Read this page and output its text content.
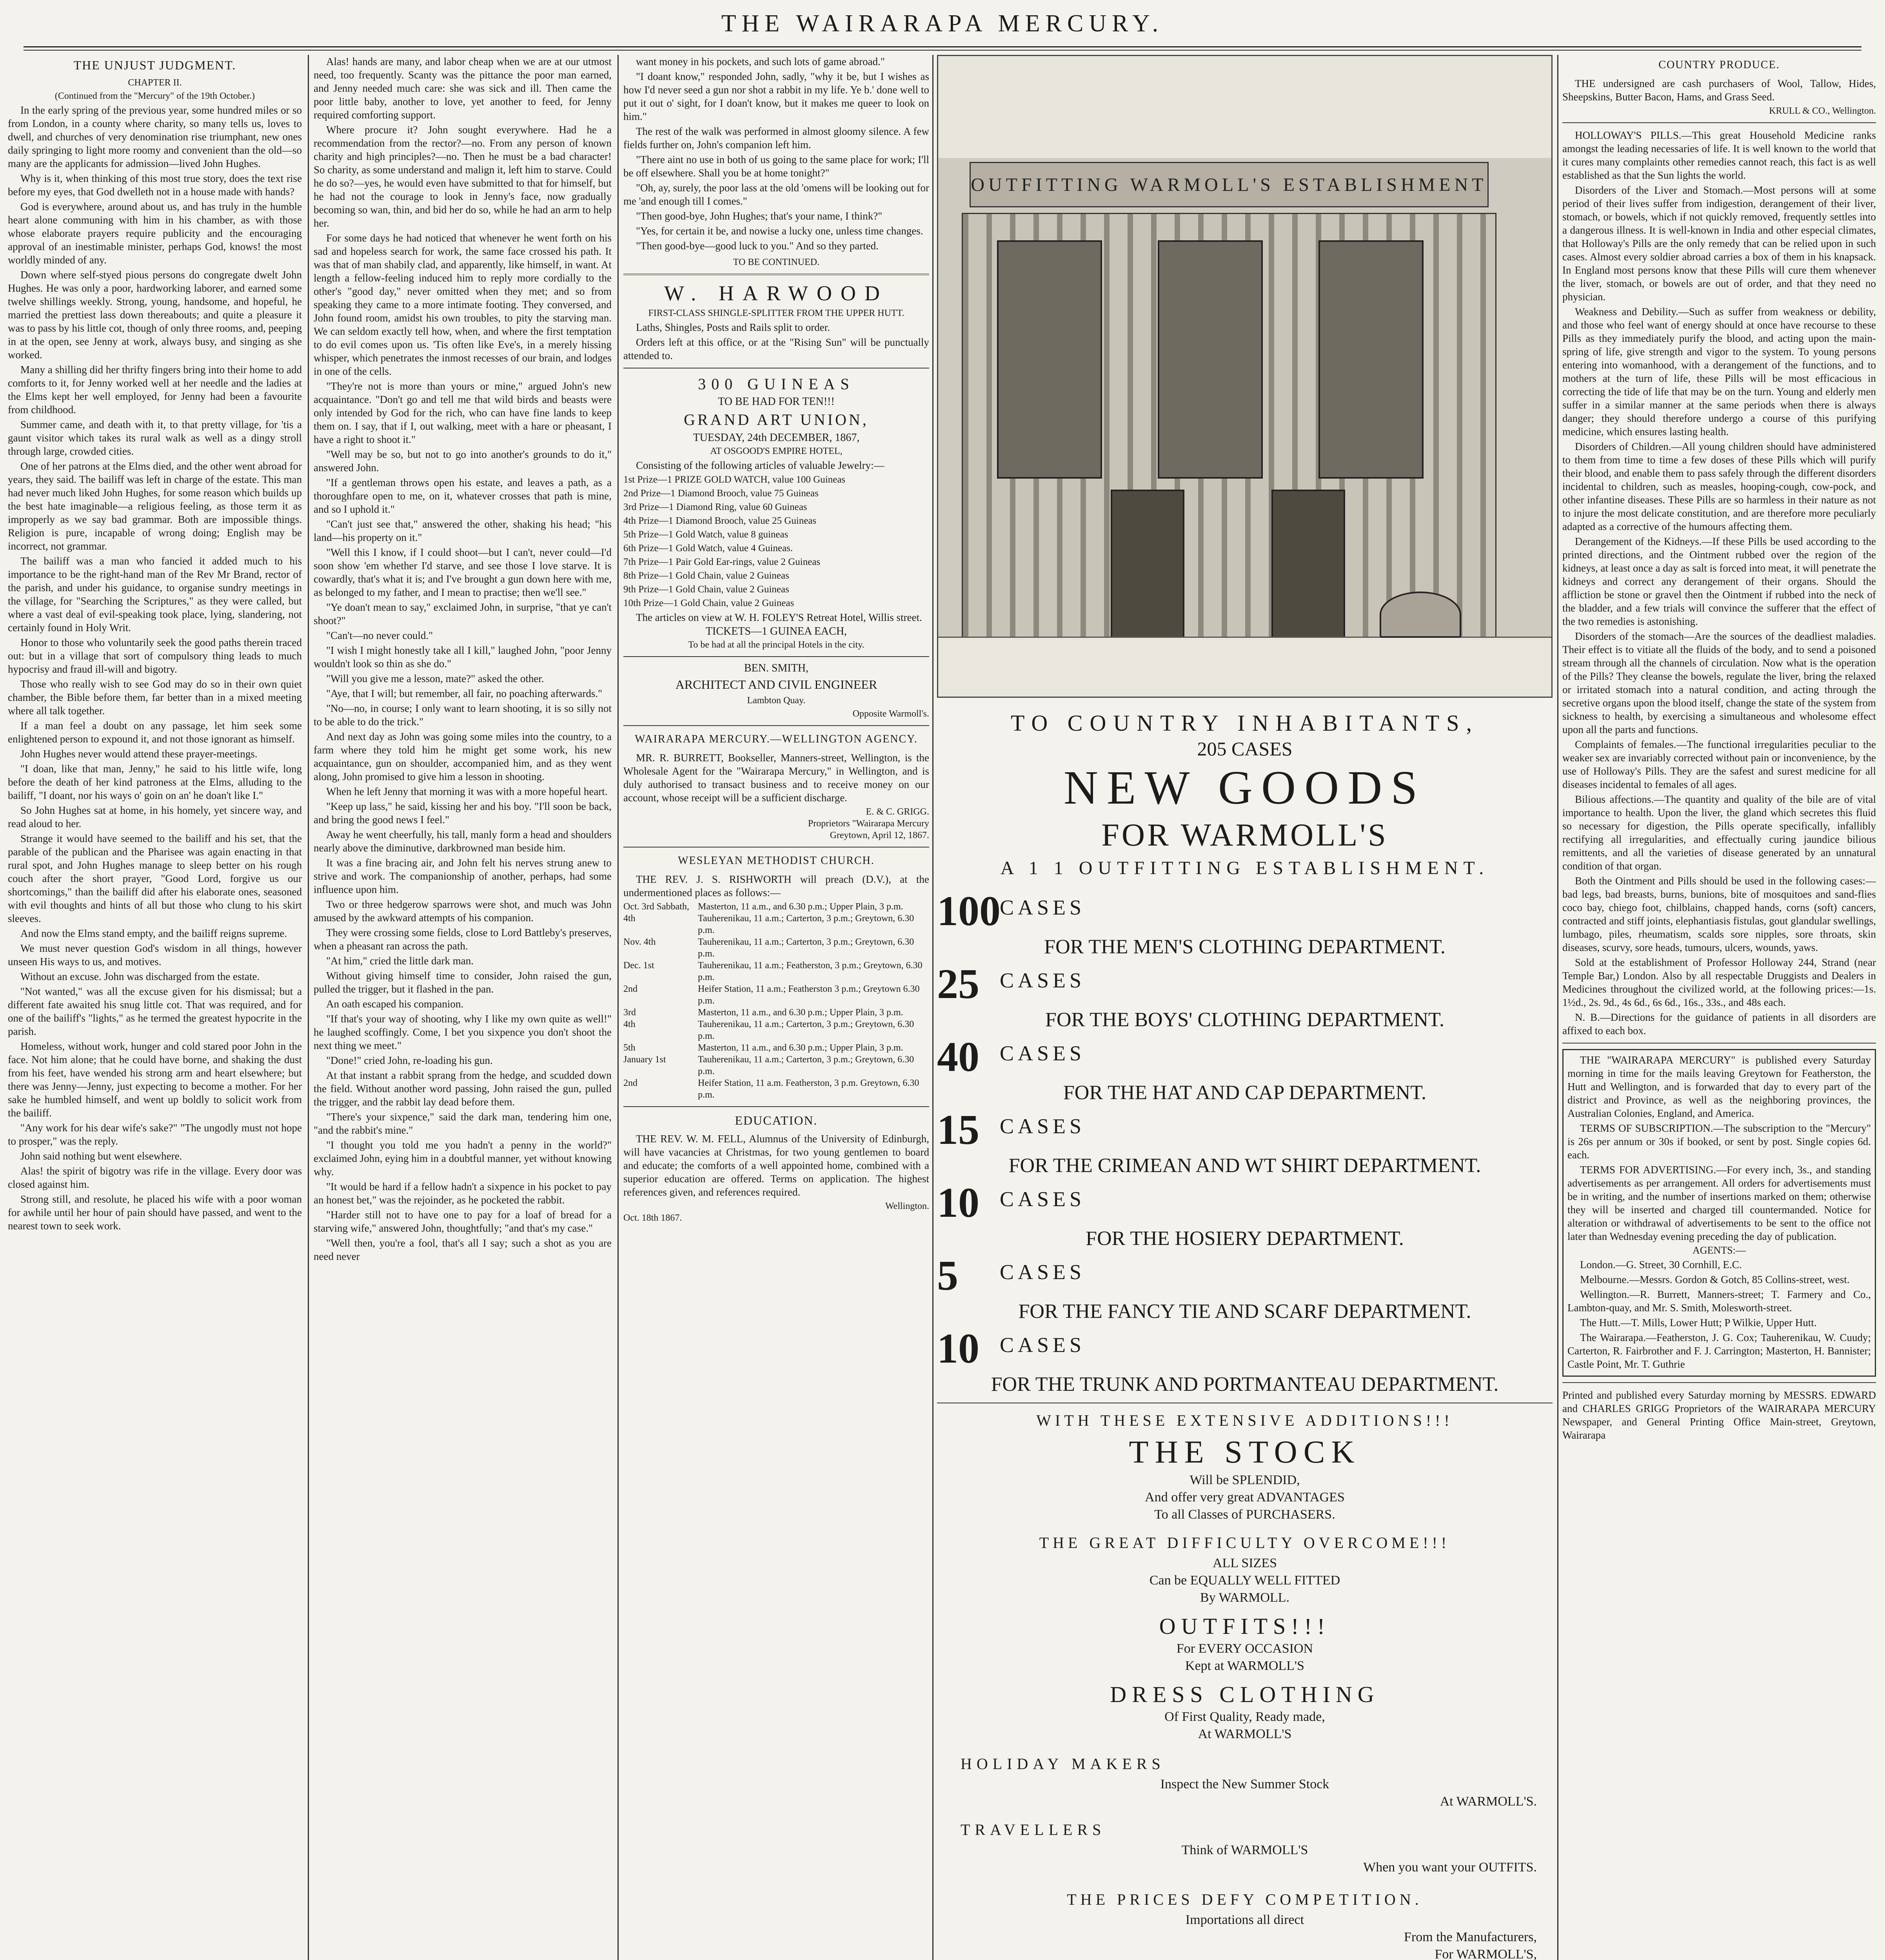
THE WAIRARAPA MERCURY.
THE UNJUST JUDGMENT.
CHAPTER II.
(Continued from the "Mercury" of the 19th October.)
In the early spring of the previous year, some hundred miles or so from London, in a county where charity, so many tells us, loves to dwell, and churches of very denomination rise triumphant, new ones daily springing to light more roomy and convenient than the old—so many are the applicants for admission—lived John Hughes.
Why is it, when thinking of this most true story, does the text rise before my eyes, that God dwelleth not in a house made with hands?
God is everywhere, around about us, and has truly in the humble heart alone communing with him in his chamber, as with those whose elaborate prayers require publicity and the encouraging approval of an inestimable minister, perhaps God, knows! the most worldly minded of any.
Down where self-styed pious persons do congregate dwelt John Hughes. He was only a poor, hardworking laborer, and earned some twelve shillings weekly. Strong, young, handsome, and hopeful, he married the prettiest lass down thereabouts; and quite a pleasure it was to pass by his little cot, though of only three rooms, and, peeping in at the open, see Jenny at work, always busy, and singing as she worked.
Many a shilling did her thrifty fingers bring into their home to add comforts to it, for Jenny worked well at her needle and the ladies at the Elms kept her well employed, for Jenny had been a favourite from childhood.
Summer came, and death with it, to that pretty village, for 'tis a gaunt visitor which takes its rural walk as well as a dingy stroll through large, crowded cities.
One of her patrons at the Elms died, and the other went abroad for years, they said. The bailiff was left in charge of the estate. This man had never much liked John Hughes, for some reason which builds up the best hate imaginable—a religious feeling, as those term it as improperly as we say bad grammar. Both are impossible things. Religion is pure, incapable of wrong doing; English may be incorrect, not grammar.
The bailiff was a man who fancied it added much to his importance to be the right-hand man of the Rev Mr Brand, rector of the parish, and under his guidance, to organise sundry meetings in the village, for "Searching the Scriptures," as they were called, but where a vast deal of evil-speaking took place, lying, slandering, not certainly found in Holy Writ.
Honor to those who voluntarily seek the good paths therein traced out: but in a village that sort of compulsory thing leads to much hypocrisy and fraud ill-will and bigotry.
Those who really wish to see God may do so in their own quiet chamber, the Bible before them, far better than in a mixed meeting where all talk together.
If a man feel a doubt on any passage, let him seek some enlightened person to expound it, and not those ignorant as himself.
John Hughes never would attend these prayer-meetings.
"I doan, like that man, Jenny," he said to his little wife, long before the death of her kind patroness at the Elms, alluding to the bailiff, "I doant, nor his ways o' goin on an' he doan't like I."
So John Hughes sat at home, in his homely, yet sincere way, and read aloud to her.
Strange it would have seemed to the bailiff and his set, that the parable of the publican and the Pharisee was again enacting in that rural spot, and John Hughes manage to sleep better on his rough couch after the short prayer, "Good Lord, forgive us our shortcomings," than the bailiff did after his elaborate ones, seasoned with evil thoughts and hints of all but those who clung to his skirt sleeves.
And now the Elms stand empty, and the bailiff reigns supreme.
We must never question God's wisdom in all things, however unseen His ways to us, and motives.
Without an excuse. John was discharged from the estate.
"Not wanted," was all the excuse given for his dismissal; but a different fate awaited his snug little cot. That was required, and for one of the bailiff's "lights," as he termed the greatest hypocrite in the parish.
Homeless, without work, hunger and cold stared poor John in the face. Not him alone; that he could have borne, and shaking the dust from his feet, have wended his strong arm and heart elsewhere; but there was Jenny—Jenny, just expecting to become a mother. For her sake he humbled himself, and went up boldly to solicit work from the bailiff.
"Any work for his dear wife's sake?" "The ungodly must not hope to prosper," was the reply.
John said nothing but went elsewhere.
Alas! the spirit of bigotry was rife in the village. Every door was closed against him.
Strong still, and resolute, he placed his wife with a poor woman for awhile until her hour of pain should have passed, and went to the nearest town to seek work.
Alas! hands are many, and labor cheap when we are at our utmost need, too frequently. Scanty was the pittance the poor man earned, and Jenny needed much care: she was sick and ill. Then came the poor little baby, another to love, yet another to feed, for Jenny required comforting support.
Where procure it? John sought everywhere. Had he a recommendation from the rector?—no. From any person of known charity and high principles?—no. Then he must be a bad character! So charity, as some understand and malign it, left him to starve. Could he do so?—yes, he would even have submitted to that for himself, but he had not the courage to look in Jenny's face, now gradually becoming so wan, thin, and bid her do so, while he had an arm to help her.
For some days he had noticed that whenever he went forth on his sad and hopeless search for work, the same face crossed his path. It was that of man shabily clad, and apparently, like himself, in want. At length a fellow-feeling induced him to reply more cordially to the other's "good day," never omitted when they met; and so from speaking they came to a more intimate footing. They conversed, and John found room, amidst his own troubles, to pity the starving man. We can seldom exactly tell how, when, and where the first temptation to do evil comes upon us. 'Tis often like Eve's, in a merely hissing whisper, which penetrates the inmost recesses of our brain, and lodges in one of the cells.
"They're not is more than yours or mine," argued John's new acquaintance. "Don't go and tell me that wild birds and beasts were only intended by God for the rich, who can have fine lands to keep them on. I say, that if I, out walking, meet with a hare or pheasant, I have a right to shoot it."
"Well may be so, but not to go into another's grounds to do it," answered John.
"If a gentleman throws open his estate, and leaves a path, as a thoroughfare open to me, on it, whatever crosses that path is mine, and so I uphold it."
"Can't just see that," answered the other, shaking his head; "his land—his property on it."
"Well this I know, if I could shoot—but I can't, never could—I'd soon show 'em whether I'd starve, and see those I love starve. It is cowardly, that's what it is; and I've brought a gun down here with me, as belonged to my father, and I mean to practise; then we'll see."
"Ye doan't mean to say," exclaimed John, in surprise, "that ye can't shoot?"
"Can't—no never could."
"I wish I might honestly take all I kill," laughed John, "poor Jenny wouldn't look so thin as she do."
"Will you give me a lesson, mate?" asked the other.
"Aye, that I will; but remember, all fair, no poaching afterwards."
"No—no, in course; I only want to learn shooting, it is so silly not to be able to do the trick."
And next day as John was going some miles into the country, to a farm where they told him he might get some work, his new acquaintance, gun on shoulder, accompanied him, and as they went along, John promised to give him a lesson in shooting.
When he left Jenny that morning it was with a more hopeful heart.
"Keep up lass," he said, kissing her and his boy. "I'll soon be back, and bring the good news I feel."
Away he went cheerfully, his tall, manly form a head and shoulders nearly above the diminutive, darkbrowned man beside him.
It was a fine bracing air, and John felt his nerves strung anew to strive and work. The companionship of another, perhaps, had some influence upon him.
Two or three hedgerow sparrows were shot, and much was John amused by the awkward attempts of his companion.
They were crossing some fields, close to Lord Battleby's preserves, when a pheasant ran across the path.
"At him," cried the little dark man.
Without giving himself time to consider, John raised the gun, pulled the trigger, but it flashed in the pan.
An oath escaped his companion.
"If that's your way of shooting, why I like my own quite as well!" he laughed scoffingly. Come, I bet you sixpence you don't shoot the next thing we meet."
"Done!" cried John, re-loading his gun.
At that instant a rabbit sprang from the hedge, and scudded down the field. Without another word passing, John raised the gun, pulled the trigger, and the rabbit lay dead before them.
"There's your sixpence," said the dark man, tendering him one, "and the rabbit's mine."
"I thought you told me you hadn't a penny in the world?" exclaimed John, eying him in a doubtful manner, yet without knowing why.
"It would be hard if a fellow hadn't a sixpence in his pocket to pay an honest bet," was the rejoinder, as he pocketed the rabbit.
"Harder still not to have one to pay for a loaf of bread for a starving wife," answered John, thoughtfully; "and that's my case."
"Well then, you're a fool, that's all I say; such a shot as you are need never
want money in his pockets, and such lots of game abroad."
"I doant know," responded John, sadly, "why it be, but I wishes as how I'd never seed a gun nor shot a rabbit in my life. Ye b.' done well to put it out o' sight, for I doan't know, but it makes me queer to look on him."
The rest of the walk was performed in almost gloomy silence. A few fields further on, John's companion left him.
"There aint no use in both of us going to the same place for work; I'll be off elsewhere. Shall you be at home tonight?"
"Oh, ay, surely, the poor lass at the old 'omens will be looking out for me 'and enough till I comes."
"Then good-bye, John Hughes; that's your name, I think?"
"Yes, for certain it be, and nowise a lucky one, unless time changes.
"Then good-bye—good luck to you." And so they parted.
TO BE CONTINUED.
W. HARWOOD
FIRST-CLASS SHINGLE-SPLITTER FROM THE UPPER HUTT.
Laths, Shingles, Posts and Rails split to order.
Orders left at this office, or at the "Rising Sun" will be punctually attended to.
300 GUINEAS
TO BE HAD FOR TEN!!!
GRAND ART UNION,
TUESDAY, 24th DECEMBER, 1867,
AT OSGOOD'S EMPIRE HOTEL,
Consisting of the following articles of valuable Jewelry:—
1st Prize—1 PRIZE GOLD WATCH, value 100 Guineas
2nd Prize—1 Diamond Brooch, value 75 Guineas
3rd Prize—1 Diamond Ring, value 60 Guineas
4th Prize—1 Diamond Brooch, value 25 Guineas
5th Prize—1 Gold Watch, value 8 guineas
6th Prize—1 Gold Watch, value 4 Guineas.
7th Prize—1 Pair Gold Ear-rings, value 2 Guineas
8th Prize—1 Gold Chain, value 2 Guineas
9th Prize—1 Gold Chain, value 2 Guineas
10th Prize—1 Gold Chain, value 2 Guineas
The articles on view at W. H. FOLEY'S Retreat Hotel, Willis street.
TICKETS—1 GUINEA EACH,
To be had at all the principal Hotels in the city.
BEN. SMITH,
ARCHITECT AND CIVIL ENGINEER
Lambton Quay.
Opposite Warmoll's.
WAIRARAPA MERCURY.—WELLINGTON AGENCY.
MR. R. BURRETT, Bookseller, Manners-street, Wellington, is the Wholesale Agent for the "Wairarapa Mercury," in Wellington, and is duly authorised to transact business and to receive money on our account, whose receipt will be a sufficient discharge.
E. & C. GRIGG.
Proprietors "Wairarapa Mercury
Greytown, April 12, 1867.
WESLEYAN METHODIST CHURCH.
THE REV. J. S. RISHWORTH will preach (D.V.), at the undermentioned places as follows:—
Oct. 3rd Sabbath, Masterton, 11 a.m., and 6.30 p.m.; Upper Plain, 3 p.m.
4th	Tauherenikau, 11 a.m.; Carterton, 3 p.m.; Greytown, 6.30 p.m.
Nov. 4th	Tauherenikau, 11 a.m.; Carterton, 3 p.m.; Greytown, 6.30 p.m.
Dec. 1st	Tauherenikau, 11 a.m.; Featherston, 3 p.m.; Greytown, 6.30 p.m.
2nd	Heifer Station, 11 a.m.; Featherston 3 p.m.; Greytown 6.30 p.m.
3rd	Masterton, 11 a.m., and 6.30 p.m.; Upper Plain, 3 p.m.
4th	Tauherenikau, 11 a.m.; Carterton, 3 p.m.; Greytown, 6.30 p.m.
5th	Masterton, 11 a.m., and 6.30 p.m.; Upper Plain, 3 p.m.
January 1st	Tauherenikau, 11 a.m.; Carterton, 3 p.m.; Greytown, 6.30 p.m.
2nd	Heifer Station, 11 a.m. Featherston, 3 p.m. Greytown, 6.30 p.m.
EDUCATION.
THE REV. W. M. FELL, Alumnus of the University of Edinburgh, will have vacancies at Christmas, for two young gentlemen to board and educate; the comforts of a well appointed home, combined with a superior education are offered. Terms on application. The highest references given, and references required.
Wellington.
Oct. 18th 1867.
OUTFITTING WARMOLL'S ESTABLISHMENT
TO COUNTRY INHABITANTS,
205 CASES
NEW GOODS
FOR WARMOLL'S
A 1 1 OUTFITTING ESTABLISHMENT.
100
CASES
FOR THE MEN'S CLOTHING DEPARTMENT.
25 CASES
FOR THE BOYS' CLOTHING DEPARTMENT.
40 CASES
FOR THE HAT AND CAP DEPARTMENT.
15 CASES
FOR THE CRIMEAN AND WT SHIRT DEPARTMENT.
10 CASES
FOR THE HOSIERY DEPARTMENT.
5	CASES
FOR THE FANCY TIE AND SCARF DEPARTMENT.
10 CASES
FOR THE TRUNK AND PORTMANTEAU DEPARTMENT.
WITH THESE EXTENSIVE ADDITIONS!!!
THE STOCK
Will be SPLENDID,
And offer very great ADVANTAGES
To all Classes of PURCHASERS.
THE GREAT DIFFICULTY OVERCOME!!!
ALL SIZES
Can be EQUALLY WELL FITTED
By WARMOLL.
OUTFITS!!!
For EVERY OCCASION
Kept at WARMOLL'S
DRESS CLOTHING
Of First Quality, Ready made,
At WARMOLL'S
HOLIDAY MAKERS
Inspect the New Summer Stock
At WARMOLL'S.
TRAVELLERS
Think of WARMOLL'S
When you want your OUTFITS.
THE PRICES DEFY COMPETITION.
Importations all direct
From the Manufacturers,
For WARMOLL'S,
COUNTRY PRODUCE.
THE undersigned are cash purchasers of Wool, Tallow, Hides, Sheepskins, Butter Bacon, Hams, and Grass Seed.
KRULL & CO., Wellington.
HOLLOWAY'S PILLS.—This great Household Medicine ranks amongst the leading necessaries of life. It is well known to the world that it cures many complaints other remedies cannot reach, this fact is as well established as that the Sun lights the world.
Disorders of the Liver and Stomach.—Most persons will at some period of their lives suffer from indigestion, derangement of their liver, stomach, or bowels, which if not quickly removed, frequently settles into a dangerous illness. It is well-known in India and other especial climates, that Holloway's Pills are the only remedy that can be relied upon in such cases. Almost every soldier abroad carries a box of them in his knapsack. In England most persons know that these Pills will cure them whenever the liver, stomach, or bowels are out of order, and that they need no physician.
Weakness and Debility.—Such as suffer from weakness or debility, and those who feel want of energy should at once have recourse to these Pills as they immediately purify the blood, and acting upon the main-spring of life, give strength and vigor to the system. To young persons entering into womanhood, with a derangement of the functions, and to mothers at the turn of life, these Pills will be most efficacious in correcting the tide of life that may be on the turn. Young and elderly men suffer in a similar manner at the same periods when there is always danger; they should therefore undergo a course of this purifying medicine, which ensures lasting health.
Disorders of Children.—All young children should have administered to them from time to time a few doses of these Pills which will purify their blood, and enable them to pass safely through the different disorders incidental to children, such as measles, hooping-cough, cow-pock, and other infantine diseases. These Pills are so harmless in their nature as not to injure the most delicate constitution, and are therefore more peculiarly adapted as a corrective of the humours affecting them.
Derangement of the Kidneys.—If these Pills be used according to the printed directions, and the Ointment rubbed over the region of the kidneys, at least once a day as salt is forced into meat, it will penetrate the kidneys and correct any derangement of their organs. Should the affliction be stone or gravel then the Ointment if rubbed into the neck of the bladder, and a few trials will convince the sufferer that the effect of the two remedies is astonishing.
Disorders of the stomach—Are the sources of the deadliest maladies. Their effect is to vitiate all the fluids of the body, and to send a poisoned stream through all the channels of circulation. Now what is the operation of the Pills? They cleanse the bowels, regulate the liver, bring the relaxed or irritated stomach into a natural condition, and acting through the secretive organs upon the blood itself, change the state of the system from sickness to health, by exercising a simultaneous and wholesome effect upon all the parts and functions.
Complaints of females.—The functional irregularities peculiar to the weaker sex are invariably corrected without pain or inconvenience, by the use of Holloway's Pills. They are the safest and surest medicine for all diseases incidental to females of all ages.
Bilious affections.—The quantity and quality of the bile are of vital importance to health. Upon the liver, the gland which secretes this fluid so necessary for digestion, the Pills operate specifically, infallibly rectifying all irregularities, and effectually curing jaundice bilious remittents, and all the varieties of disease generated by an unnatural condition of that organ.
Both the Ointment and Pills should be used in the following cases:—bad legs, bad breasts, burns, bunions, bite of mosquitoes and sand-flies coco bay, chiego foot, chilblains, chapped hands, corns (soft) cancers, contracted and stiff joints, elephantiasis fistulas, gout glandular swellings, lumbago, piles, rheumatism, scalds sore nipples, sore throats, skin diseases, scurvy, sore heads, tumours, ulcers, wounds, yaws.
Sold at the establishment of Professor Holloway 244, Strand (near Temple Bar,) London. Also by all respectable Druggists and Dealers in Medicines throughout the civilized world, at the following prices:—1s. 1½d., 2s. 9d., 4s 6d., 6s 6d., 16s., 33s., and 48s each.
N. B.—Directions for the guidance of patients in all disorders are affixed to each box.
THE "WAIRARAPA MERCURY" is published every Saturday morning in time for the mails leaving Greytown for Featherston, the Hutt and Wellington, and is forwarded that day to every part of the district and Province, as well as the neighboring provinces, the Australian Colonies, England, and America.
TERMS OF SUBSCRIPTION.—The subscription to the "Mercury" is 26s per annum or 30s if booked, or sent by post. Single copies 6d. each.
TERMS FOR ADVERTISING.—For every inch, 3s., and standing advertisements as per arrangement. All orders for advertisements must be in writing, and the number of insertions marked on them; otherwise they will be inserted and charged till countermanded. Notice for alteration or withdrawal of advertisements to be sent to the office not later than Wednesday evening preceding the day of publication.
AGENTS:—
London.—G. Street, 30 Cornhill, E.C.
Melbourne.—Messrs. Gordon & Gotch, 85 Collins-street, west.
Wellington.—R. Burrett, Manners-street; T. Farmery and Co., Lambton-quay, and Mr. S. Smith, Molesworth-street.
The Hutt.—T. Mills, Lower Hutt; P Wilkie, Upper Hutt.
The Wairarapa.—Featherston, J. G. Cox; Tauherenikau, W. Cuudy; Carterton, R. Fairbrother and F. J. Carrington; Masterton, H. Bannister; Castle Point, Mr. T. Guthrie
Printed and published every Saturday morning by MESSRS. EDWARD and CHARLES GRIGG Proprietors of the WAIRARAPA MERCURY Newspaper, and General Printing Office Main-street, Greytown, Wairarapa
